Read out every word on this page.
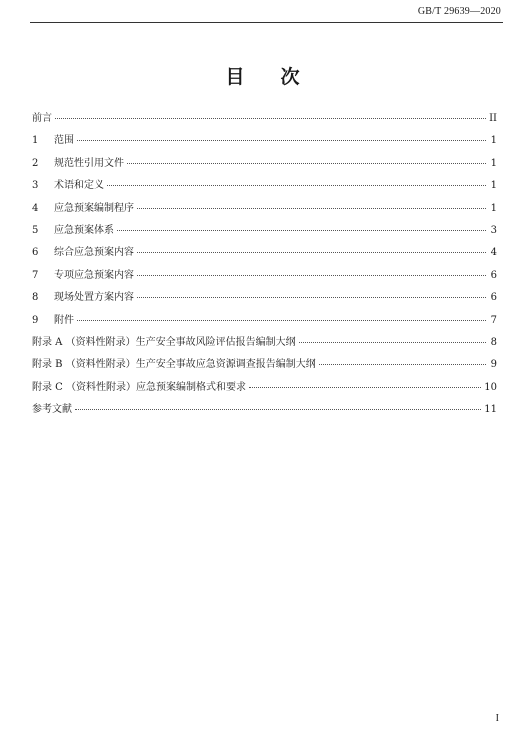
GB/T 29639—2020
目次
前言	II
1	范围	1
2	规范性引用文件	1
3	术语和定义	1
4	应急预案编制程序	1
5	应急预案体系	3
6	综合应急预案内容	4
7	专项应急预案内容	6
8	现场处置方案内容	6
9	附件	7
附录 A （资料性附录）生产安全事故风险评估报告编制大纲	8
附录 B （资料性附录）生产安全事故应急资源调查报告编制大纲	9
附录 C （资料性附录）应急预案编制格式和要求	10
参考文献	11
I
